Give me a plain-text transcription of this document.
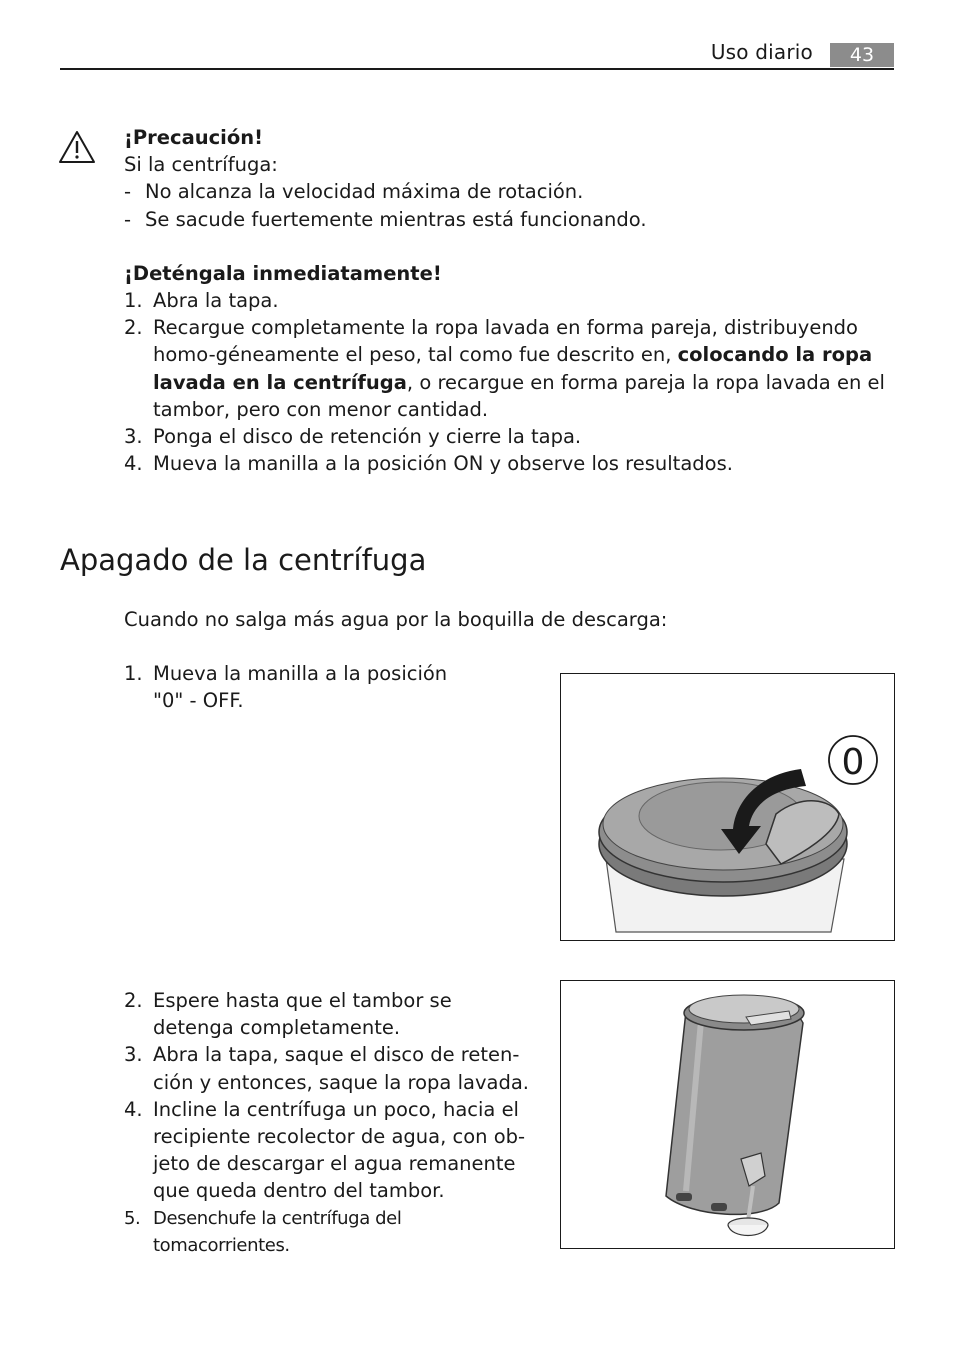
Uso diario	43

¡Precaución!

Si la centrífuga:

- No alcanza la velocidad máxima de rotación.
- Se sacude fuertemente mientras está funcionando.

¡Deténgala inmediatamente!

1. Abra la tapa.
2. Recargue completamente la ropa lavada en forma pareja, distribuyendo homo-géneamente el peso, tal como fue descrito en, colocando la ropa lavada en la centrífuga, o recargue en forma pareja la ropa lavada en el tambor, pero con menor cantidad.
3. Ponga el disco de retención y cierre la tapa.
4. Mueva la manilla a la posición ON y observe los resultados.
Apagado de la centrífuga

Cuando no salga más agua por la boquilla de descarga:

1. Mueva la manilla a la posición "0" - OFF.
2. Espere hasta que el tambor se detenga completamente.
3. Abra la tapa, saque el disco de reten-ción y entonces, saque la ropa lavada.
4. Incline la centrífuga un poco, hacia el recipiente recolector de agua, con ob-jeto de descargar el agua remanente que queda dentro del tambor.
5. Desenchufe la centrífuga del tomacorrientes.
0
